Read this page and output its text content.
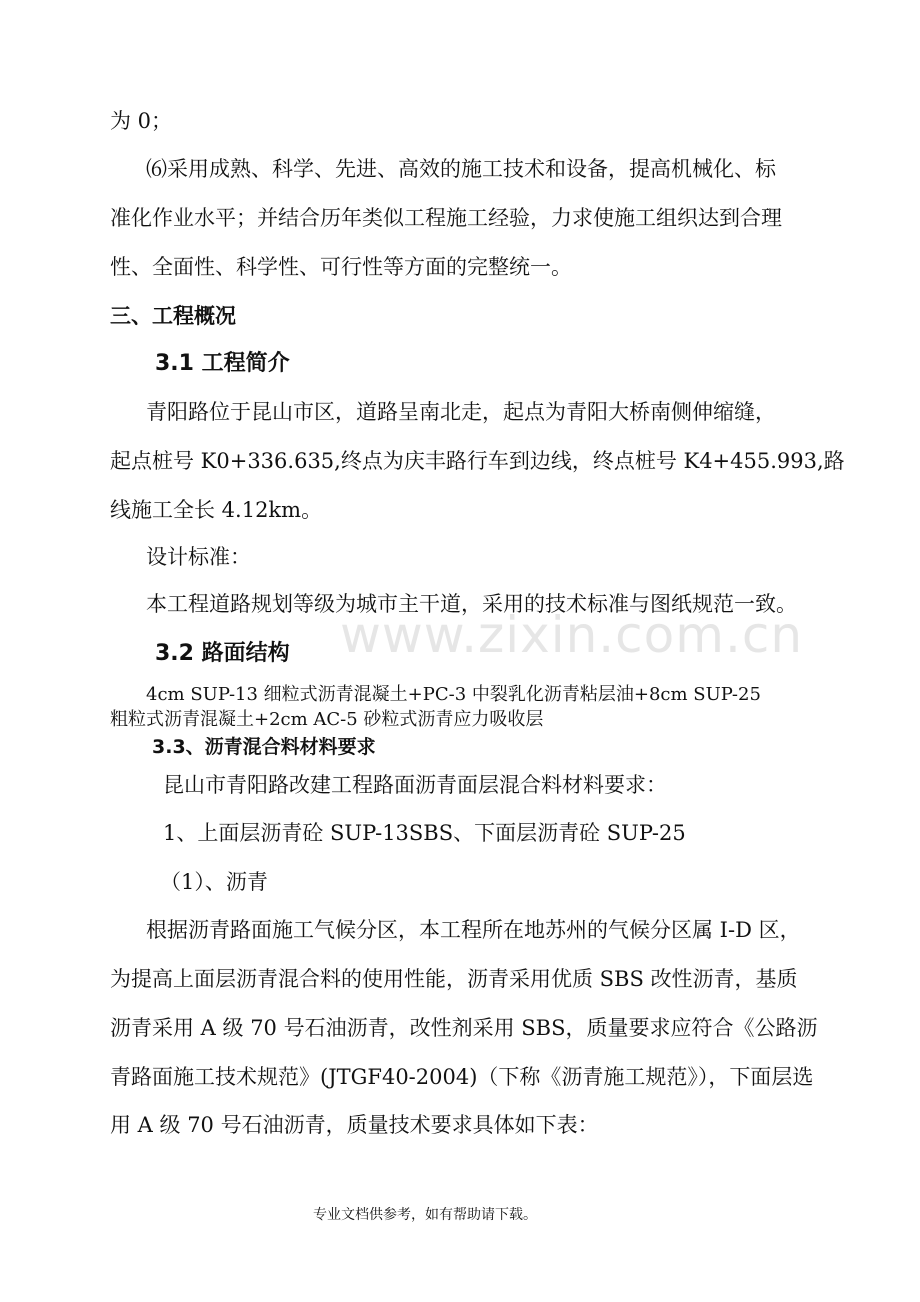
www.zixin.com.cn
为 0；
⑹采用成熟、科学、先进、高效的施工技术和设备，提高机械化、标
准化作业水平；并结合历年类似工程施工经验，力求使施工组织达到合理
性、全面性、科学性、可行性等方面的完整统一。
三、工程概况
3.1 工程简介
青阳路位于昆山市区，道路呈南北走，起点为青阳大桥南侧伸缩缝，
起点桩号 K0+336.635,终点为庆丰路行车到边线，终点桩号 K4+455.993,路
线施工全长 4.12km。
设计标准：
本工程道路规划等级为城市主干道，采用的技术标准与图纸规范一致。
3.2 路面结构
4cm SUP-13 细粒式沥青混凝土+PC-3 中裂乳化沥青粘层油+8cm SUP-25
粗粒式沥青混凝土+2cm AC-5 砂粒式沥青应力吸收层
3.3、沥青混合料材料要求
昆山市青阳路改建工程路面沥青面层混合料材料要求：
1、上面层沥青砼 SUP-13SBS、下面层沥青砼 SUP-25
（1）、沥青
根据沥青路面施工气候分区，本工程所在地苏州的气候分区属 I-D 区，
为提高上面层沥青混合料的使用性能，沥青采用优质 SBS 改性沥青，基质
沥青采用 A 级 70 号石油沥青，改性剂采用 SBS，质量要求应符合《公路沥
青路面施工技术规范》(JTGF40-2004)（下称《沥青施工规范》），下面层选
用 A 级 70 号石油沥青，质量技术要求具体如下表：
专业文档供参考，如有帮助请下载。
